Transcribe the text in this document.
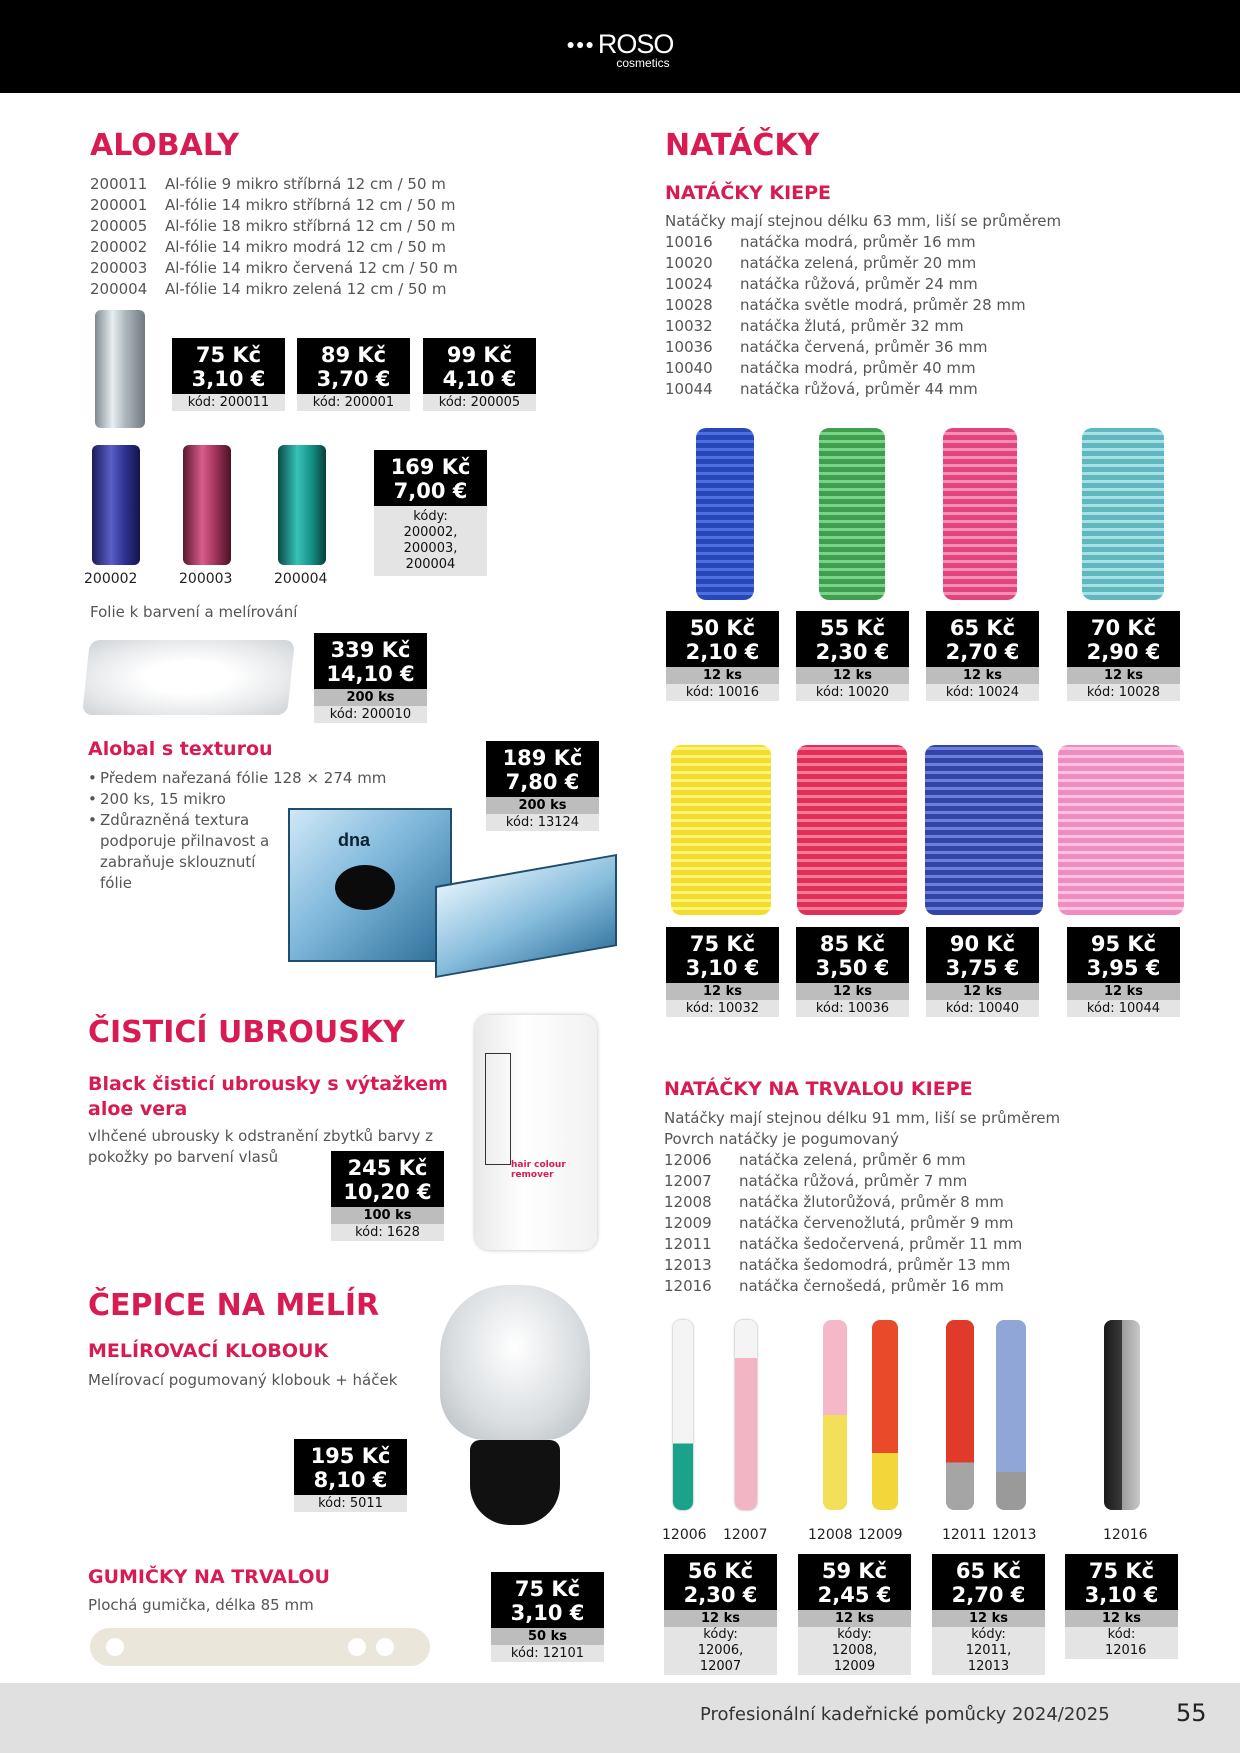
●●● ROSO
cosmetics
ALOBALY
200011	Al-fólie 9 mikro stříbrná 12 cm / 50 m
200001	Al-fólie 14 mikro stříbrná 12 cm / 50 m
200005	Al-fólie 18 mikro stříbrná 12 cm / 50 m
200002	Al-fólie 14 mikro modrá 12 cm / 50 m
200003	Al-fólie 14 mikro červená 12 cm / 50 m
200004	Al-fólie 14 mikro zelená 12 cm / 50 m
75 Kč
3,10 €
kód: 200011
89 Kč
3,70 €
kód: 200001
99 Kč
4,10 €
kód: 200005
200002	200003	200004
169 Kč
7,00 €
kódy: 200002, 200003, 200004
Folie k barvení a melírování
339 Kč
14,10 €
200 ks
kód: 200010
Alobal s texturou
• Předem nařezaná fólie 128 × 274 mm
• 200 ks, 15 mikro
• Zdůrazněná textura podporuje přilnavost a zabraňuje sklouznutí fólie
189 Kč
7,80 €
200 ks
kód: 13124
dna
ČISTICÍ UBROUSKY
Black čisticí ubrousky s výtažkem aloe vera
vlhčené ubrousky k odstranění zbytků barvy z pokožky po barvení vlasů	245 Kč
10,20 €
100 ks
kód: 1628
hair colour remover
ČEPICE NA MELÍR
MELÍROVACÍ KLOBOUK
Melírovací pogumovaný klobouk + háček
195 Kč
8,10 €
kód: 5011
GUMIČKY NA TRVALOU
Plochá gumička, délka 85 mm
75 Kč
3,10 €
50 ks
kód: 12101
NATÁČKY
NATÁČKY KIEPE
Natáčky mají stejnou délku 63 mm, liší se průměrem
10016	natáčka modrá, průměr 16 mm
10020	natáčka zelená, průměr 20 mm
10024	natáčka růžová, průměr 24 mm
10028	natáčka světle modrá, průměr 28 mm
10032	natáčka žlutá, průměr 32 mm
10036	natáčka červená, průměr 36 mm
10040	natáčka modrá, průměr 40 mm
10044	natáčka růžová, průměr 44 mm
50 Kč
2,10 €
12 ks
kód: 10016
55 Kč
2,30 €
12 ks
kód: 10020
65 Kč
2,70 €
12 ks
kód: 10024
70 Kč
2,90 €
12 ks
kód: 10028
75 Kč
3,10 €
12 ks
kód: 10032
85 Kč
3,50 €
12 ks
kód: 10036
90 Kč
3,75 €
12 ks
kód: 10040
95 Kč
3,95 €
12 ks
kód: 10044
NATÁČKY NA TRVALOU KIEPE
Natáčky mají stejnou délku 91 mm, liší se průměrem
Povrch natáčky je pogumovaný
12006	natáčka zelená, průměr 6 mm
12007	natáčka růžová, průměr 7 mm
12008	natáčka žlutorůžová, průměr 8 mm
12009	natáčka červenožlutá, průměr 9 mm
12011	natáčka šedočervená, průměr 11 mm
12013	natáčka šedomodrá, průměr 13 mm
12016	natáčka černošedá, průměr 16 mm
12006 12007	12008 12009	12011 12013	12016
56 Kč
2,30 €
12 ks
kódy: 12006, 12007
59 Kč
2,45 €
12 ks
kódy: 12008, 12009
65 Kč
2,70 €
12 ks
kódy: 12011, 12013
75 Kč
3,10 €
12 ks
kód: 12016
Profesionální kadeřnické pomůcky 2024/2025	55
